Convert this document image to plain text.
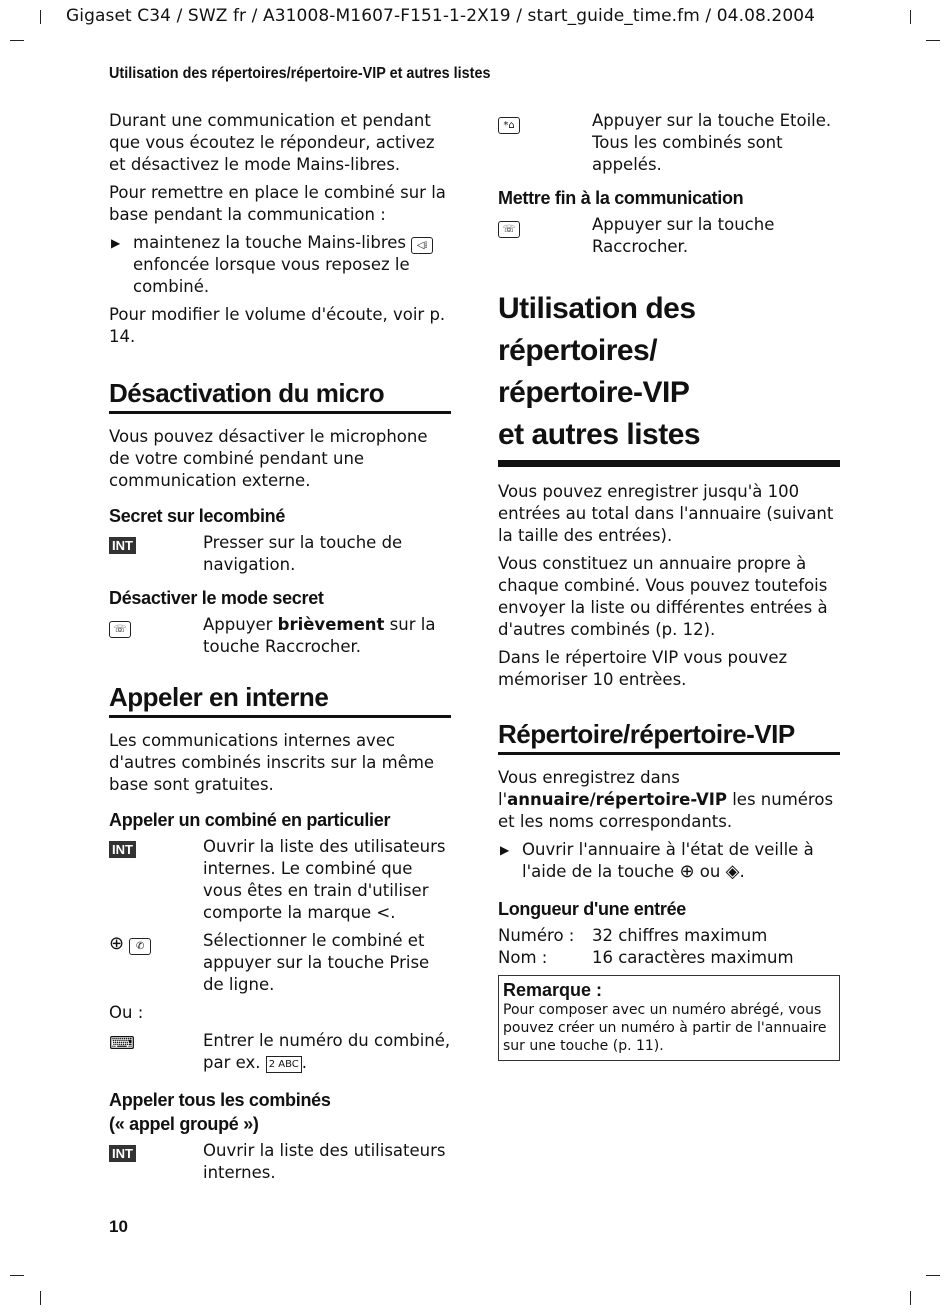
Gigaset C34 / SWZ fr / A31008-M1607-F151-1-2X19 / start_guide_time.fm / 04.08.2004
Utilisation des répertoires/répertoire-VIP et autres listes

Durant une communication et pendant que vous écoutez le répondeur, activez et désactivez le mode Mains-libres.

Pour remettre en place le combiné sur la base pendant la communication :

▶ maintenez la touche Mains-libres ◁⁞ enfoncée lorsque vous reposez le combiné.

Pour modifier le volume d'écoute, voir p. 14.

Désactivation du micro

Vous pouvez désactiver le microphone de votre combiné pendant une communication externe.

Secret sur lecombiné
INT	Presser sur la touche de navigation.
Désactiver le mode secret
☏	Appuyer brièvement sur la touche Raccrocher.
Appeler en interne

Les communications internes avec d'autres combinés inscrits sur la même base sont gratuites.

Appeler un combiné en particulier
INT	Ouvrir la liste des utilisateurs internes. Le combiné que vous êtes en train d'utiliser comporte la marque <.
⊕ ✆	Sélectionner le combiné et appuyer sur la touche Prise de ligne.

Ou :

⌨	Entrer le numéro du combiné, par ex. 2 ABC .
Appeler tous les combinés
(« appel groupé »)
INT	Ouvrir la liste des utilisateurs internes.
*⌂	Appuyer sur la touche Etoile. Tous les combinés sont appelés.
Mettre fin à la communication
☏	Appuyer sur la touche Raccrocher.
Utilisation des répertoires/
répertoire-VIP
et autres listes

Vous pouvez enregistrer jusqu'à 100 entrées au total dans l'annuaire (suivant la taille des entrées).

Vous constituez un annuaire propre à chaque combiné. Vous pouvez toutefois envoyer la liste ou différentes entrées à d'autres combinés (p. 12).

Dans le répertoire VIP vous pouvez mémoriser 10 entrèes.

Répertoire/répertoire-VIP

Vous enregistrez dans l'annuaire/répertoire-VIP les numéros et les noms correspondants.

▶ Ouvrir l'annuaire à l'état de veille à l'aide de la touche ⊕ ou ◈.
Longueur d'une entrée
Numéro :	32 chiffres maximum
Nom :	16 caractères maximum
Remarque :
Pour composer avec un numéro abrégé, vous pouvez créer un numéro à partir de l'annuaire sur une touche (p. 11).
10
